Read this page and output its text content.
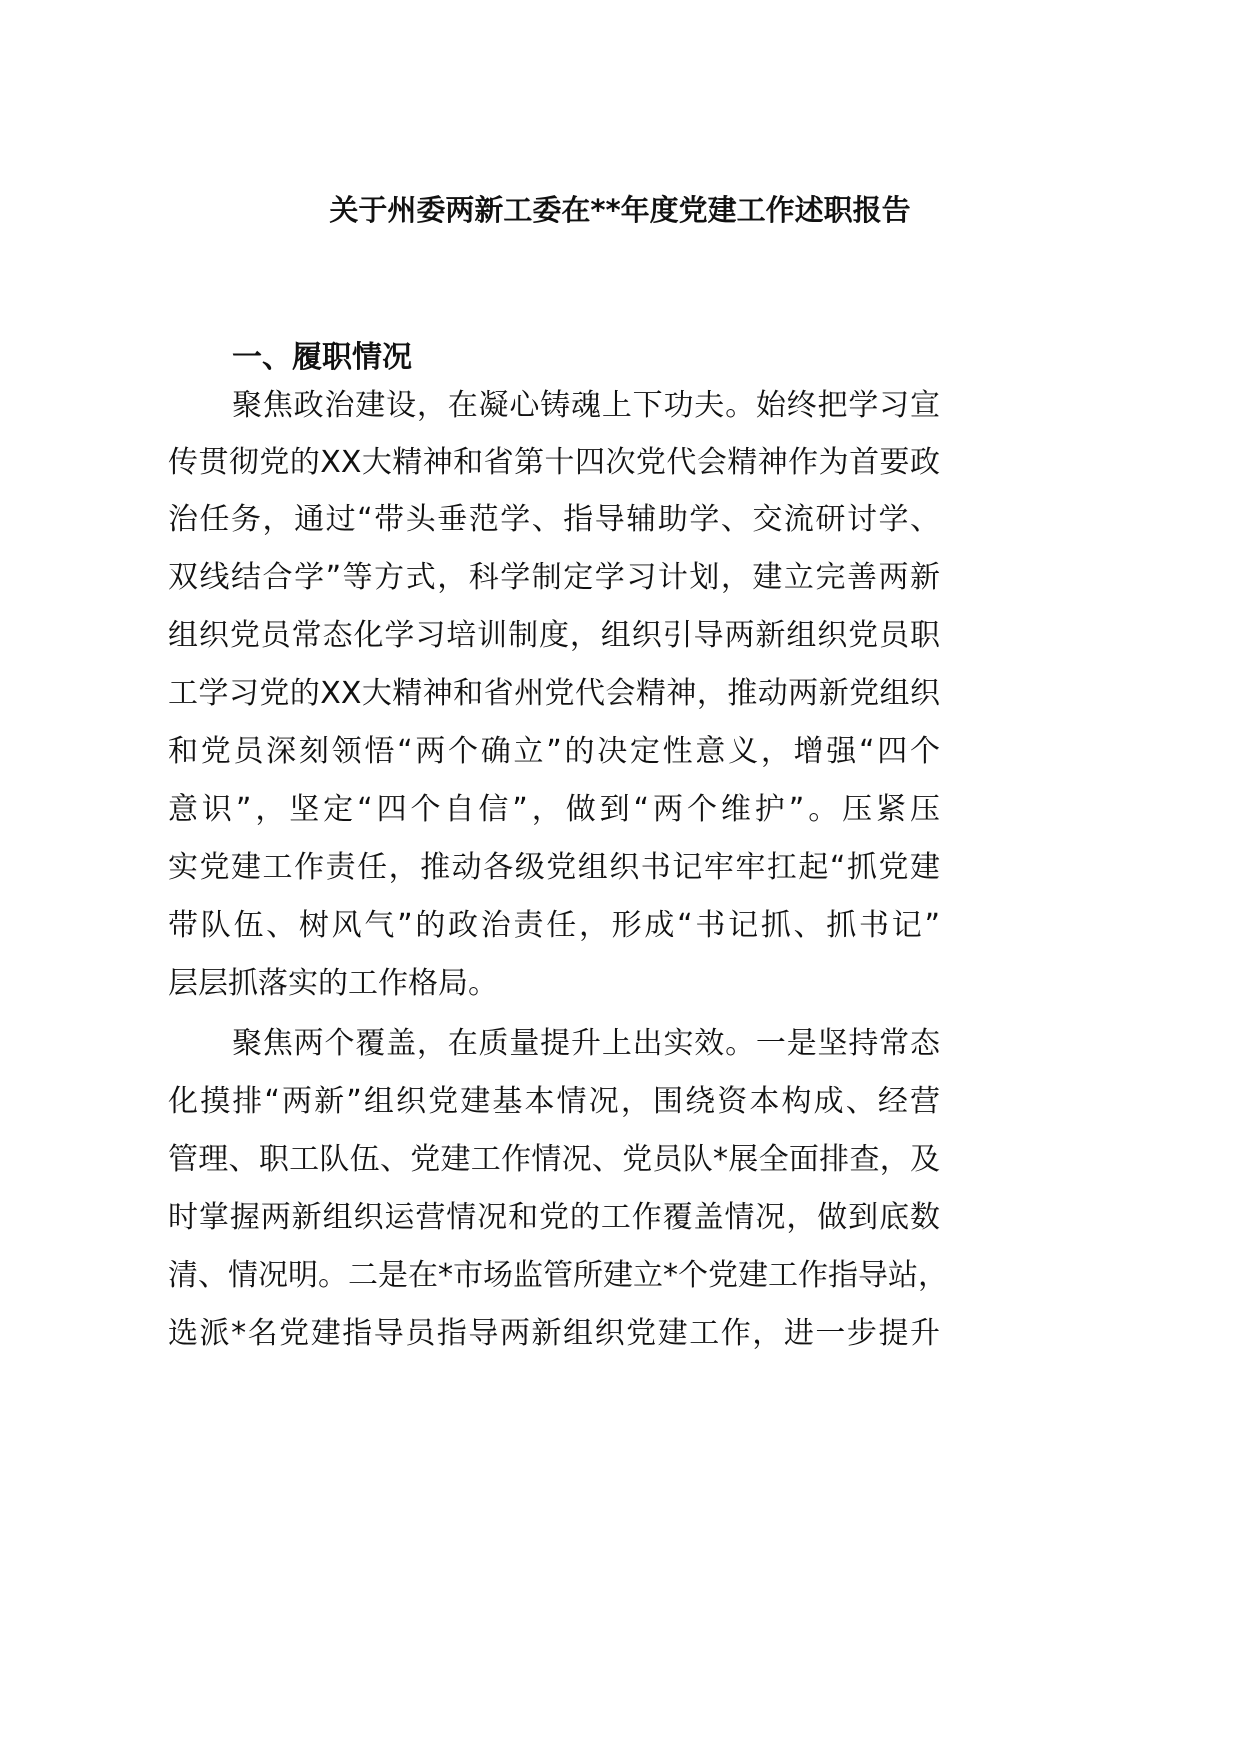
关于州委两新工委在**年度党建工作述职报告
一、履职情况
聚焦政治建设，在凝心铸魂上下功夫。始终把学习宣
传贯彻党的XX大精神和省第十四次党代会精神作为首要政
治任务，通过“带头垂范学、指导辅助学、交流研讨学、
双线结合学”等方式，科学制定学习计划，建立完善两新
组织党员常态化学习培训制度，组织引导两新组织党员职
工学习党的XX大精神和省州党代会精神，推动两新党组织
和党员深刻领悟“两个确立”的决定性意义，增强“四个
意识”，坚定“四个自信”，做到“两个维护”。压紧压
实党建工作责任，推动各级党组织书记牢牢扛起“抓党建
带队伍、树风气”的政治责任，形成“书记抓、抓书记”
层层抓落实的工作格局。
聚焦两个覆盖，在质量提升上出实效。一是坚持常态
化摸排“两新”组织党建基本情况，围绕资本构成、经营
管理、职工队伍、党建工作情况、党员队*展全面排查，及
时掌握两新组织运营情况和党的工作覆盖情况，做到底数
清、情况明。二是在*市场监管所建立*个党建工作指导站，
选派*名党建指导员指导两新组织党建工作，进一步提升
